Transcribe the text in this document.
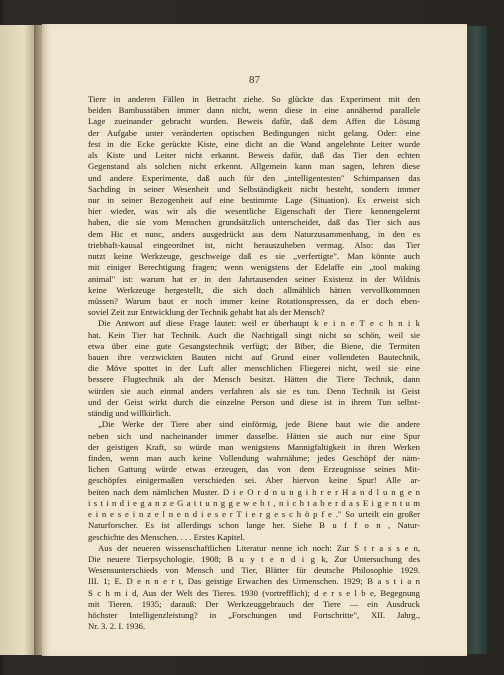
87
Tiere in anderen Fällen in Betracht ziehe. So glückte das Experiment mit den
beiden Bambusstäben immer dann nicht, wenn diese in eine annähernd parallele
Lage zueinander gebracht wurden. Beweis dafür, daß dem Affen die Lösung
der Aufgabe unter veränderten optischen Bedingungen nicht gelang. Oder: eine
fest in die Ecke gerückte Kiste, eine dicht an die Wand angelehnte Leiter wurde
als Kiste und Leiter nicht erkannt. Beweis dafür, daß das Tier den echten
Gegenstand als solchen nicht erkennt. Allgemein kann man sagen, lehren diese
und andere Experimente, daß auch für den „intelligentesten" Schimpansen das
Sachding in seiner Wesenheit und Selbständigkeit nicht besteht, sondern immer
nur in seiner Bezogenheit auf eine bestimmte Lage (Situation). Es erweist sich
hier wieder, was wir als die wesentliche Eigenschaft der Tiere kennengelernt
haben, die sie vom Menschen grundsätzlich unterscheidet, daß das Tier sich aus
dem Hic et nunc, anders ausgedrückt aus dem Naturzusammenhang, in den es
triebhaft-kausal eingeordnet ist, nicht herauszuheben vermag. Also: das Tier
nutzt keine Werkzeuge, geschweige daß es sie „verfertigte". Man könnte auch
mit einiger Berechtigung fragen; wenn wenigstens der Edelaffe ein „tool making
animal" ist: warum hat er in den Jahrtausenden seiner Existenz in der Wildnis
keine Werkzeuge hergestellt, die sich doch allmählich hätten vervollkommnen
müssen? Warum baut er noch immer keine Rotationspressen, da er doch eben-
soviel Zeit zur Entwicklung der Technik gehabt hat als der Mensch?
Die Antwort auf diese Frage lautet: weil er überhaupt k e i n e T e c h n i k
hat. Kein Tier hat Technik. Auch die Nachtigall singt nicht so schön, weil sie
etwa über eine gute Gesangstechnik verfügt; der Biber, die Biene, die Termiten
bauen ihre verzwickten Bauten nicht auf Grund einer vollendeten Bautechnik,
die Möve spottet in der Luft aller menschlichen Fliegerei nicht, weil sie eine
bessere Flugtechnik als der Mensch besitzt. Hätten die Tiere Technik, dann
würden sie auch einmal anders verfahren als sie es tun. Denn Technik ist Geist
und der Geist wirkt durch die einzelne Person und diese ist in ihrem Tun selbst-
ständig und willkürlich.
„Die Werke der Tiere aber sind einförmig, jede Biene baut wie die andere
neben sich und nacheinander immer dasselbe. Hätten sie auch nur eine Spur
der geistigen Kraft, so würde man wenigstens Mannigfaltigkeit in ihren Werken
finden, wenn man auch keine Vollendung wahrnähme; jedes Geschöpf der näm-
lichen Gattung würde etwas erzeugen, das von dem Erzeugnisse seines Mit-
geschöpfes einigermaßen verschieden sei. Aber hiervon keine Spur! Alle ar-
beiten nach dem nämlichen Muster. D i e O r d n u n g i h r e r H a n d l u n g e n
i s t i n d i e g a n z e G a t t u n g g e w e b t , n i c h t a b e r d a s E i g e n t u m
e i n e s e i n z e l n e n d i e s e r T i e r g e s c h ö p f e ." So urteilt ein großer
Naturforscher. Es ist allerdings schon lange her. Siehe B u f f o n , Natur-
geschichte des Menschen. . . . Erstes Kapitel.
Aus der neueren wissenschaftlichen Literatur nenne ich noch: Zur S t r a s s e n,
Die neuere Tierpsychologie. 1908; B u y t e n d i g k, Zur Untersuchung des
Wesensunterschieds von Mensch und Tier, Blätter für deutsche Philosophie 1929.
III. 1; E. D e n n e r t, Das geistige Erwachen des Urmenschen. 1929; B a s t i a n
S c h m i d, Aus der Welt des Tieres. 1930 (vortrefflich); d e r s e l b e, Begegnung
mit Tieren. 1935; darauß: Der Werkzeuggebrauch der Tiere — ein Ausdruck
höchster Intelligenzleistung? in „Forschungen und Fortschritte", XII. Jahrg.,
Nr. 3. 2. I. 1936.
